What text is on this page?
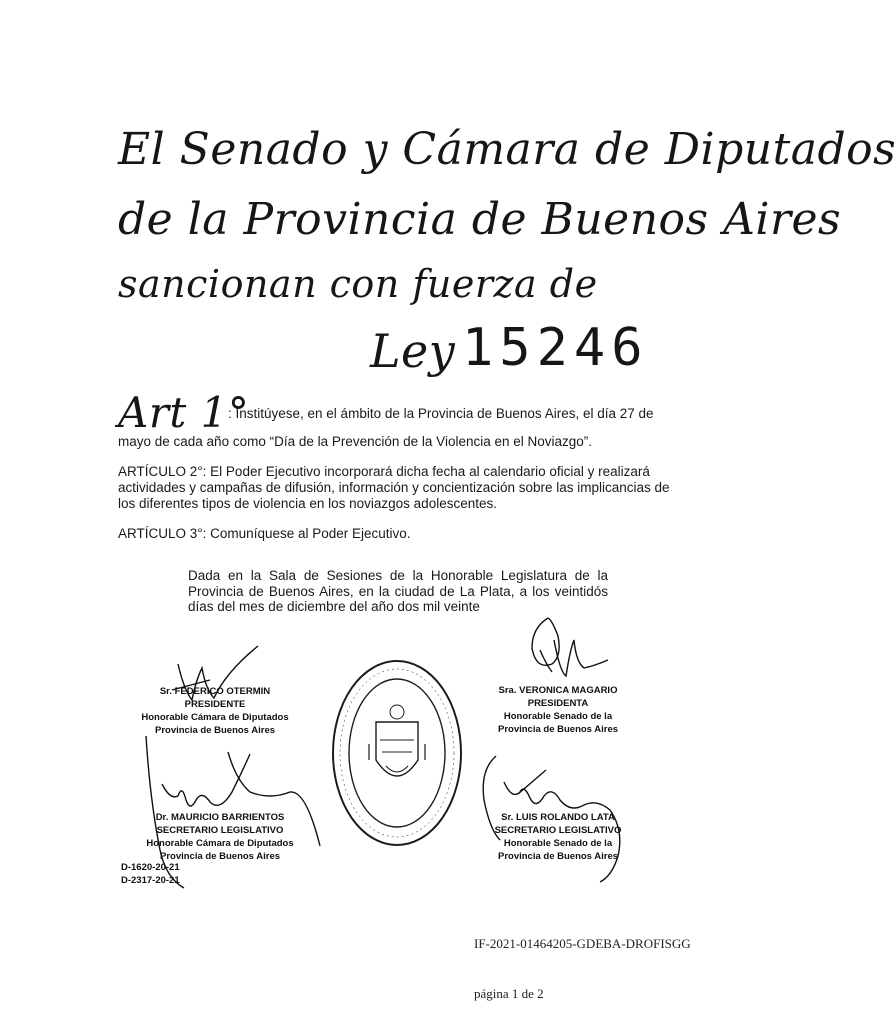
El Senado y Cámara de Diputados
de la Provincia de Buenos Aires
sancionan con fuerza de
Ley 15246
Art 1°
: Institúyese, en el ámbito de la Provincia de Buenos Aires, el día 27 de
mayo de cada año como “Día de la Prevención de la Violencia en el Noviazgo”.
ARTÍCULO 2°: El Poder Ejecutivo incorporará dicha fecha al calendario oficial y realizará actividades y campañas de difusión, información y concientización sobre las implicancias de los diferentes tipos de violencia en los noviazgos adolescentes.
ARTÍCULO 3°: Comuníquese al Poder Ejecutivo.
Dada en la Sala de Sesiones de la Honorable Legislatura de la Provincia de Buenos Aires, en la ciudad de La Plata, a los veintidós días del mes de diciembre del año dos mil veinte
Sr. FEDERICO OTERMIN
PRESIDENTE
Honorable Cámara de Diputados
Provincia de Buenos Aires
Sra. VERONICA MAGARIO
PRESIDENTA
Honorable Senado de la
Provincia de Buenos Aires
Dr. MAURICIO BARRIENTOS
SECRETARIO LEGISLATIVO
Honorable Cámara de Diputados
Provincia de Buenos Aires
Sr. LUIS ROLANDO LATA
SECRETARIO LEGISLATIVO
Honorable Senado de la
Provincia de Buenos Aires
D-1620-20-21
D-2317-20-21
IF-2021-01464205-GDEBA-DROFISGG
página 1 de 2
